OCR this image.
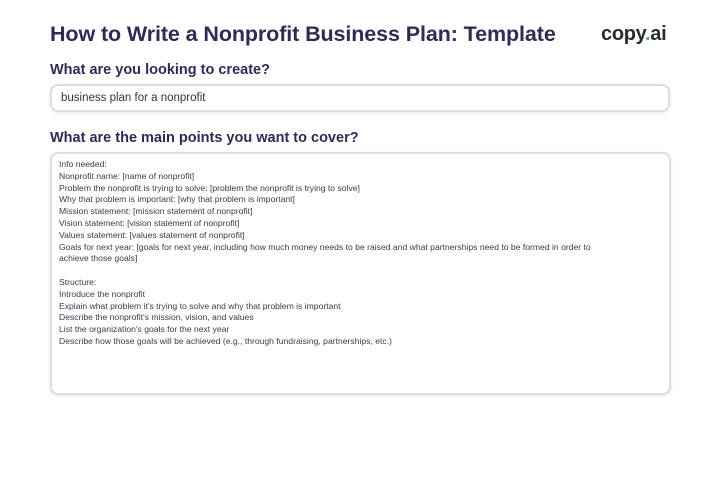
How to Write a Nonprofit Business Plan: Template copy.ai
What are you looking to create?
business plan for a nonprofit
What are the main points you want to cover?
Info needed:
Nonprofit name: [name of nonprofit]
Problem the nonprofit is trying to solve: [problem the nonprofit is trying to solve]
Why that problem is important: [why that problem is important]
Mission statement: [mission statement of nonprofit]
Vision statement: [vision statement of nonprofit]
Values statement: [values statement of nonprofit]
Goals for next year: [goals for next year, including how much money needs to be raised and what partnerships need to be formed in order to
achieve those goals]
Structure:
Introduce the nonprofit
Explain what problem it's trying to solve and why that problem is important
Describe the nonprofit's mission, vision, and values
List the organization's goals for the next year
Describe how those goals will be achieved (e.g., through fundraising, partnerships, etc.)
